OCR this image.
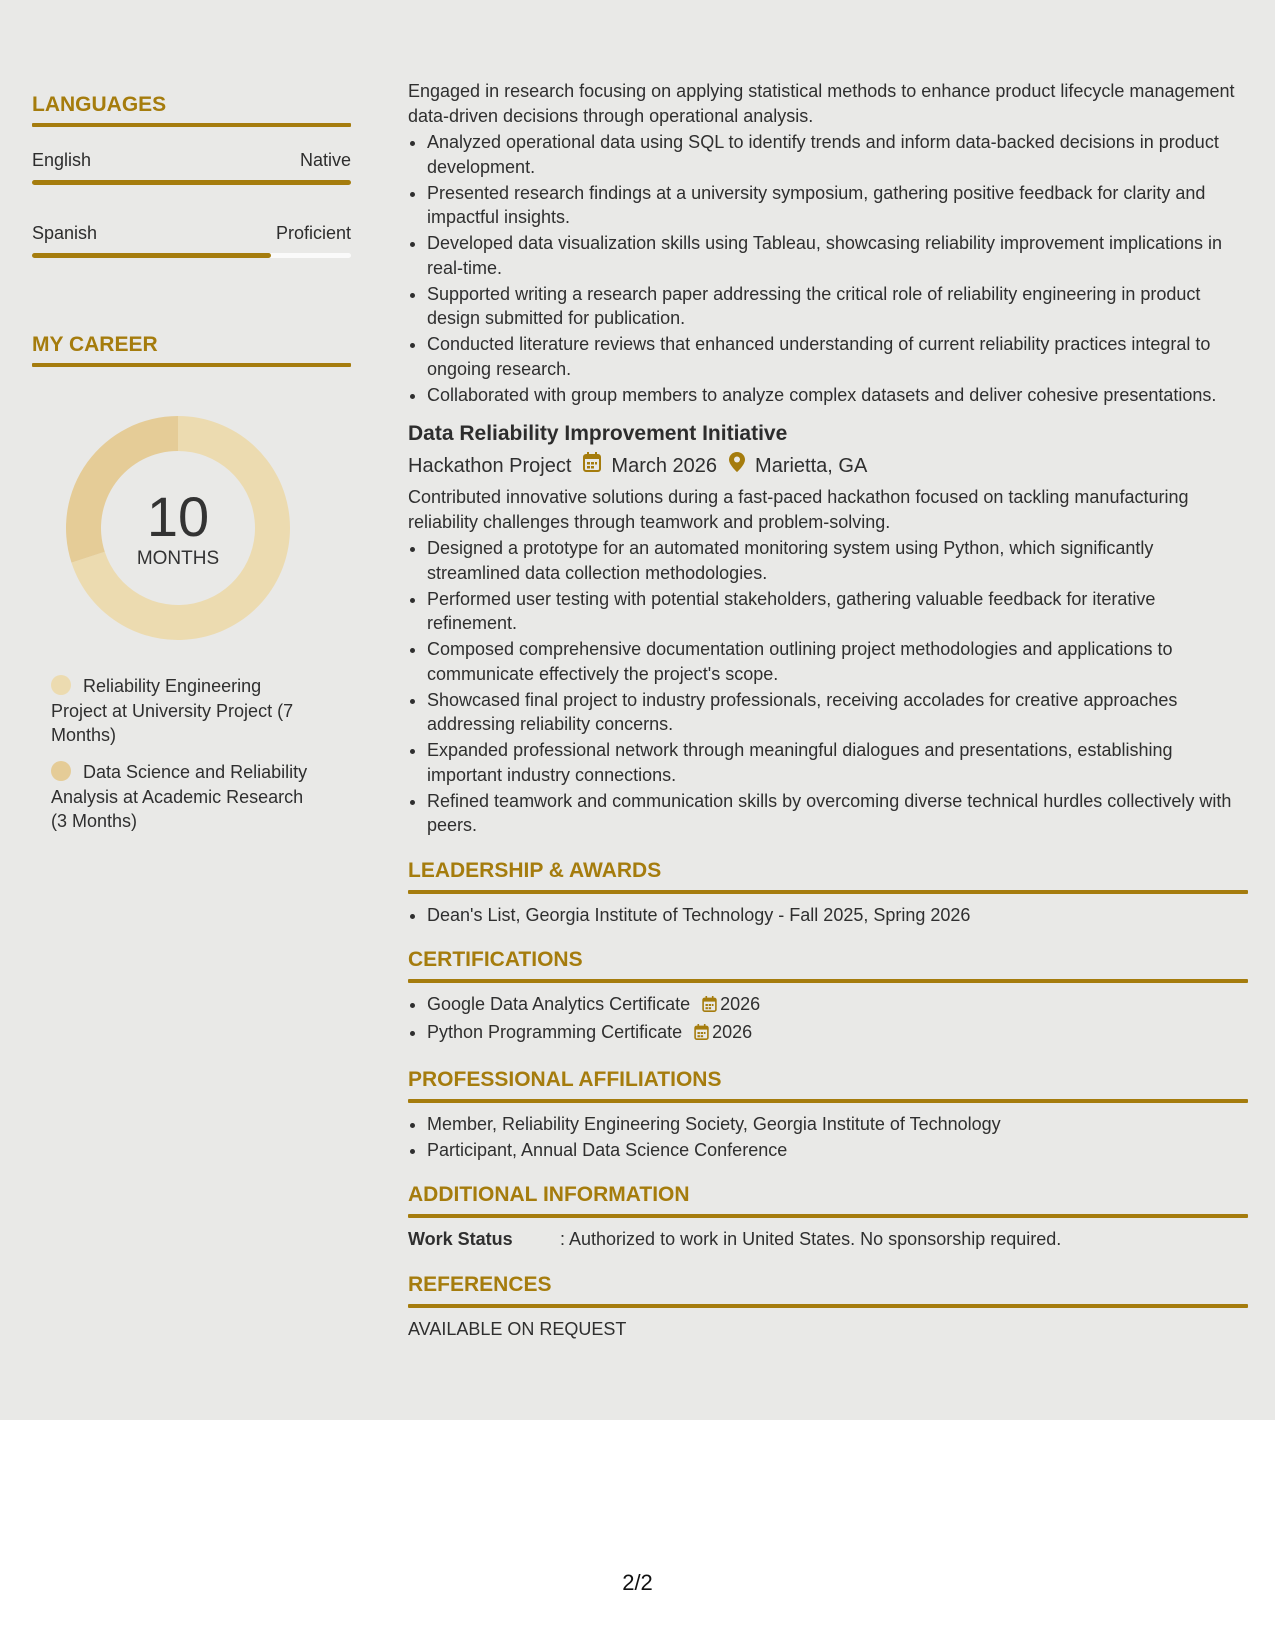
LANGUAGES
English	Native
Spanish	Proficient
MY CAREER
10
MONTHS
Reliability Engineering Project at University Project (7 Months)
Data Science and Reliability Analysis at Academic Research (3 Months)

Engaged in research focusing on applying statistical methods to enhance product lifecycle management data-driven decisions through operational analysis.

• Analyzed operational data using SQL to identify trends and inform data-backed decisions in product development.
• Presented research findings at a university symposium, gathering positive feedback for clarity and impactful insights.
• Developed data visualization skills using Tableau, showcasing reliability improvement implications in real-time.
• Supported writing a research paper addressing the critical role of reliability engineering in product design submitted for publication.
• Conducted literature reviews that enhanced understanding of current reliability practices integral to ongoing research.
• Collaborated with group members to analyze complex datasets and deliver cohesive presentations.
Data Reliability Improvement Initiative
Hackathon Project March 2026 Marietta, GA

Contributed innovative solutions during a fast-paced hackathon focused on tackling manufacturing reliability challenges through teamwork and problem-solving.

• Designed a prototype for an automated monitoring system using Python, which significantly streamlined data collection methodologies.
• Performed user testing with potential stakeholders, gathering valuable feedback for iterative refinement.
• Composed comprehensive documentation outlining project methodologies and applications to communicate effectively the project's scope.
• Showcased final project to industry professionals, receiving accolades for creative approaches addressing reliability concerns.
• Expanded professional network through meaningful dialogues and presentations, establishing important industry connections.
• Refined teamwork and communication skills by overcoming diverse technical hurdles collectively with peers.
LEADERSHIP & AWARDS
• Dean's List, Georgia Institute of Technology - Fall 2025, Spring 2026
CERTIFICATIONS
• Google Data Analytics Certificate 2026
• Python Programming Certificate 2026
PROFESSIONAL AFFILIATIONS
• Member, Reliability Engineering Society, Georgia Institute of Technology
• Participant, Annual Data Science Conference
ADDITIONAL INFORMATION
Work Status	: Authorized to work in United States. No sponsorship required.
REFERENCES

AVAILABLE ON REQUEST

2/2
